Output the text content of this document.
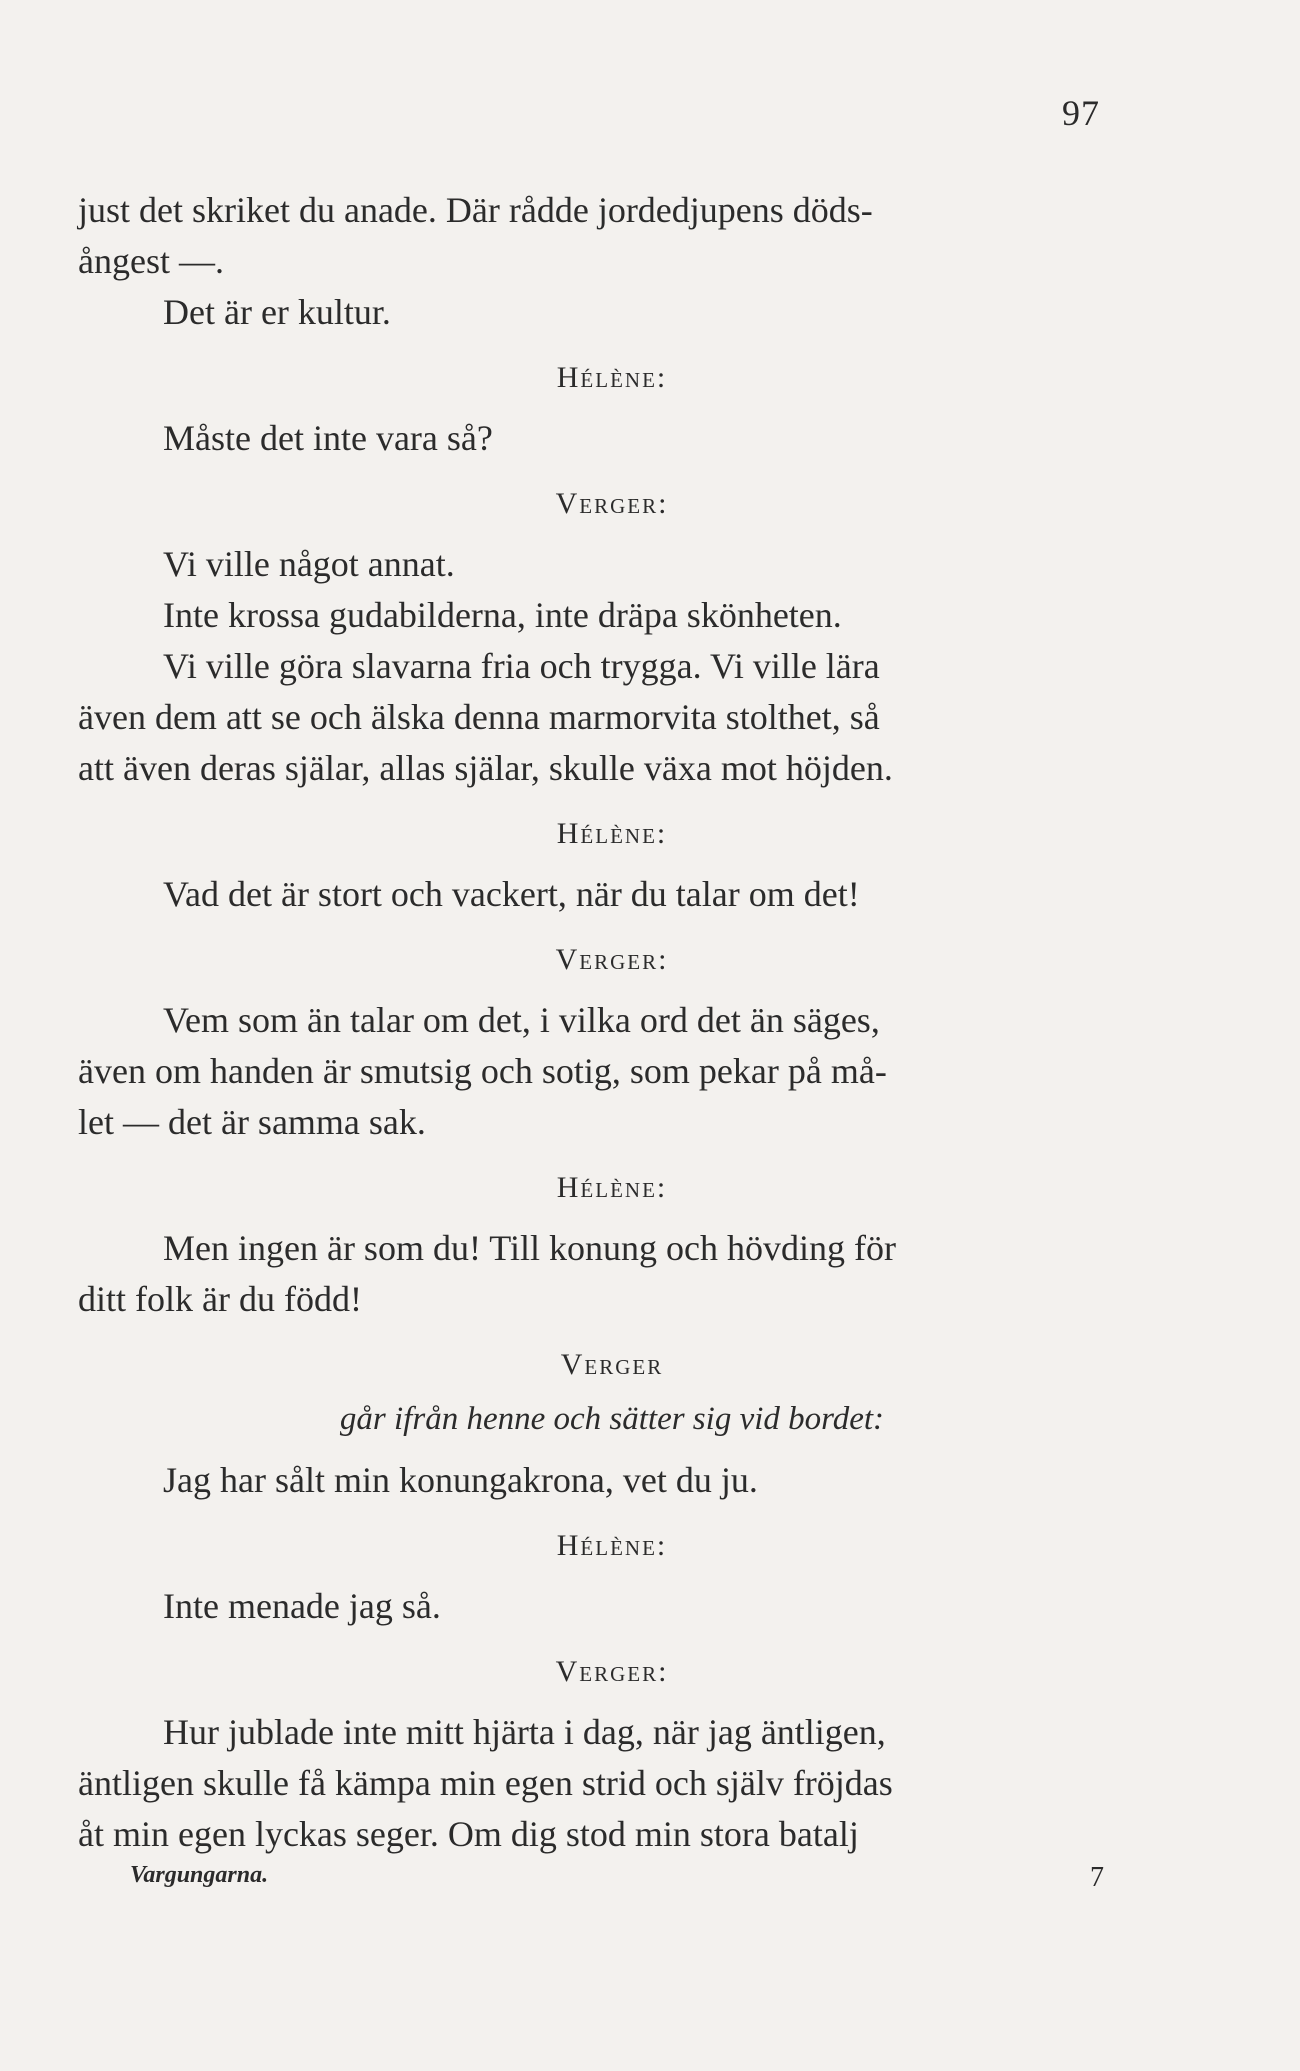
97
just det skriket du anade. Där rådde jordedjupens döds-
ångest —.
Det är er kultur.
Hélène:
Måste det inte vara så?
Verger:
Vi ville något annat.
Inte krossa gudabilderna, inte dräpa skönheten.
Vi ville göra slavarna fria och trygga. Vi ville lära
även dem att se och älska denna marmorvita stolthet, så
att även deras själar, allas själar, skulle växa mot höjden.
Hélène:
Vad det är stort och vackert, när du talar om det!
Verger:
Vem som än talar om det, i vilka ord det än säges,
även om handen är smutsig och sotig, som pekar på må-
let — det är samma sak.
Hélène:
Men ingen är som du! Till konung och hövding för
ditt folk är du född!
Verger
går ifrån henne och sätter sig vid bordet:
Jag har sålt min konungakrona, vet du ju.
Hélène:
Inte menade jag så.
Verger:
Hur jublade inte mitt hjärta i dag, när jag äntligen,
äntligen skulle få kämpa min egen strid och själv fröjdas
åt min egen lyckas seger. Om dig stod min stora batalj
Vargungarna.	7
